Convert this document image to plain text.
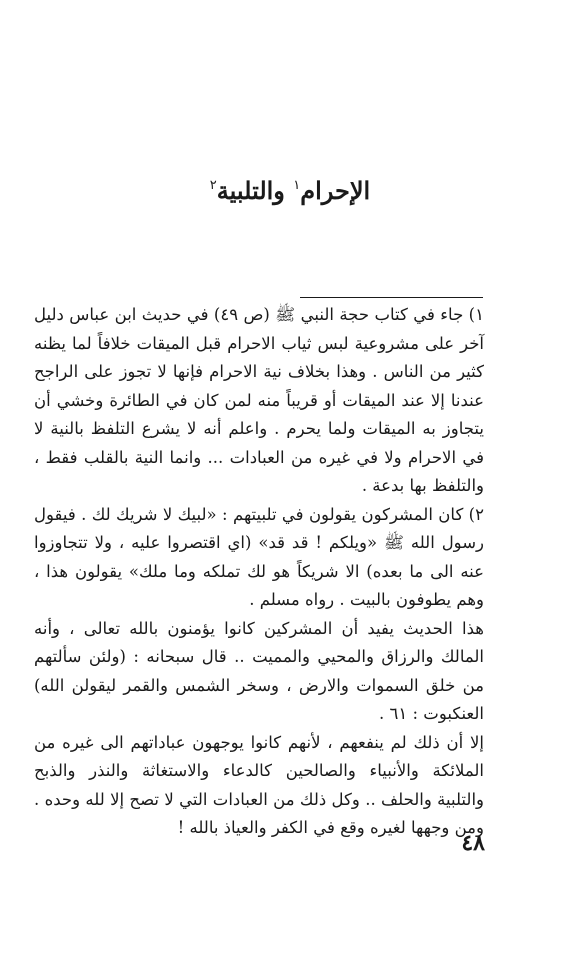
الإحرام$^١$ والتلبية$^٢$

١) جاء في كتاب حجة النبي ﷺ (ص ٤٩) في حديث ابن عباس دليل آخر على مشروعية لبس ثياب الاحرام قبل الميقات خلافاً لما يظنه كثير من الناس . وهذا بخلاف نية الاحرام فإنها لا تجوز على الراجح عندنا إلا عند الميقات أو قريباً منه لمن كان في الطائرة وخشي أن يتجاوز به الميقات ولما يحرم . واعلم أنه لا يشرع التلفظ بالنية لا في الاحرام ولا في غيره من العبادات ... وانما النية بالقلب فقط ، والتلفظ بها بدعة .

٢) كان المشركون يقولون في تلبيتهم : «لبيك لا شريك لك . فيقول رسول الله ﷺ «ويلكم ! قد قد» (اي اقتصروا عليه ، ولا تتجاوزوا عنه الى ما بعده) الا شريكاً هو لك تملكه وما ملك» يقولون هذا ، وهم يطوفون بالبيت . رواه مسلم .

هذا الحديث يفيد أن المشركين كانوا يؤمنون بالله تعالى ، وأنه المالك والرزاق والمحيي والمميت .. قال سبحانه : (ولئن سألتهم من خلق السموات والارض ، وسخر الشمس والقمر ليقولن الله) العنكبوت : ٦١ .

إلا أن ذلك لم ينفعهم ، لأنهم كانوا يوجهون عباداتهم الى غيره من الملائكة والأنبياء والصالحين كالدعاء والاستغاثة والنذر والذبح والتلبية والحلف .. وكل ذلك من العبادات التي لا تصح إلا لله وحده . ومن وجهها لغيره وقع في الكفر والعياذ بالله !

٤٨
